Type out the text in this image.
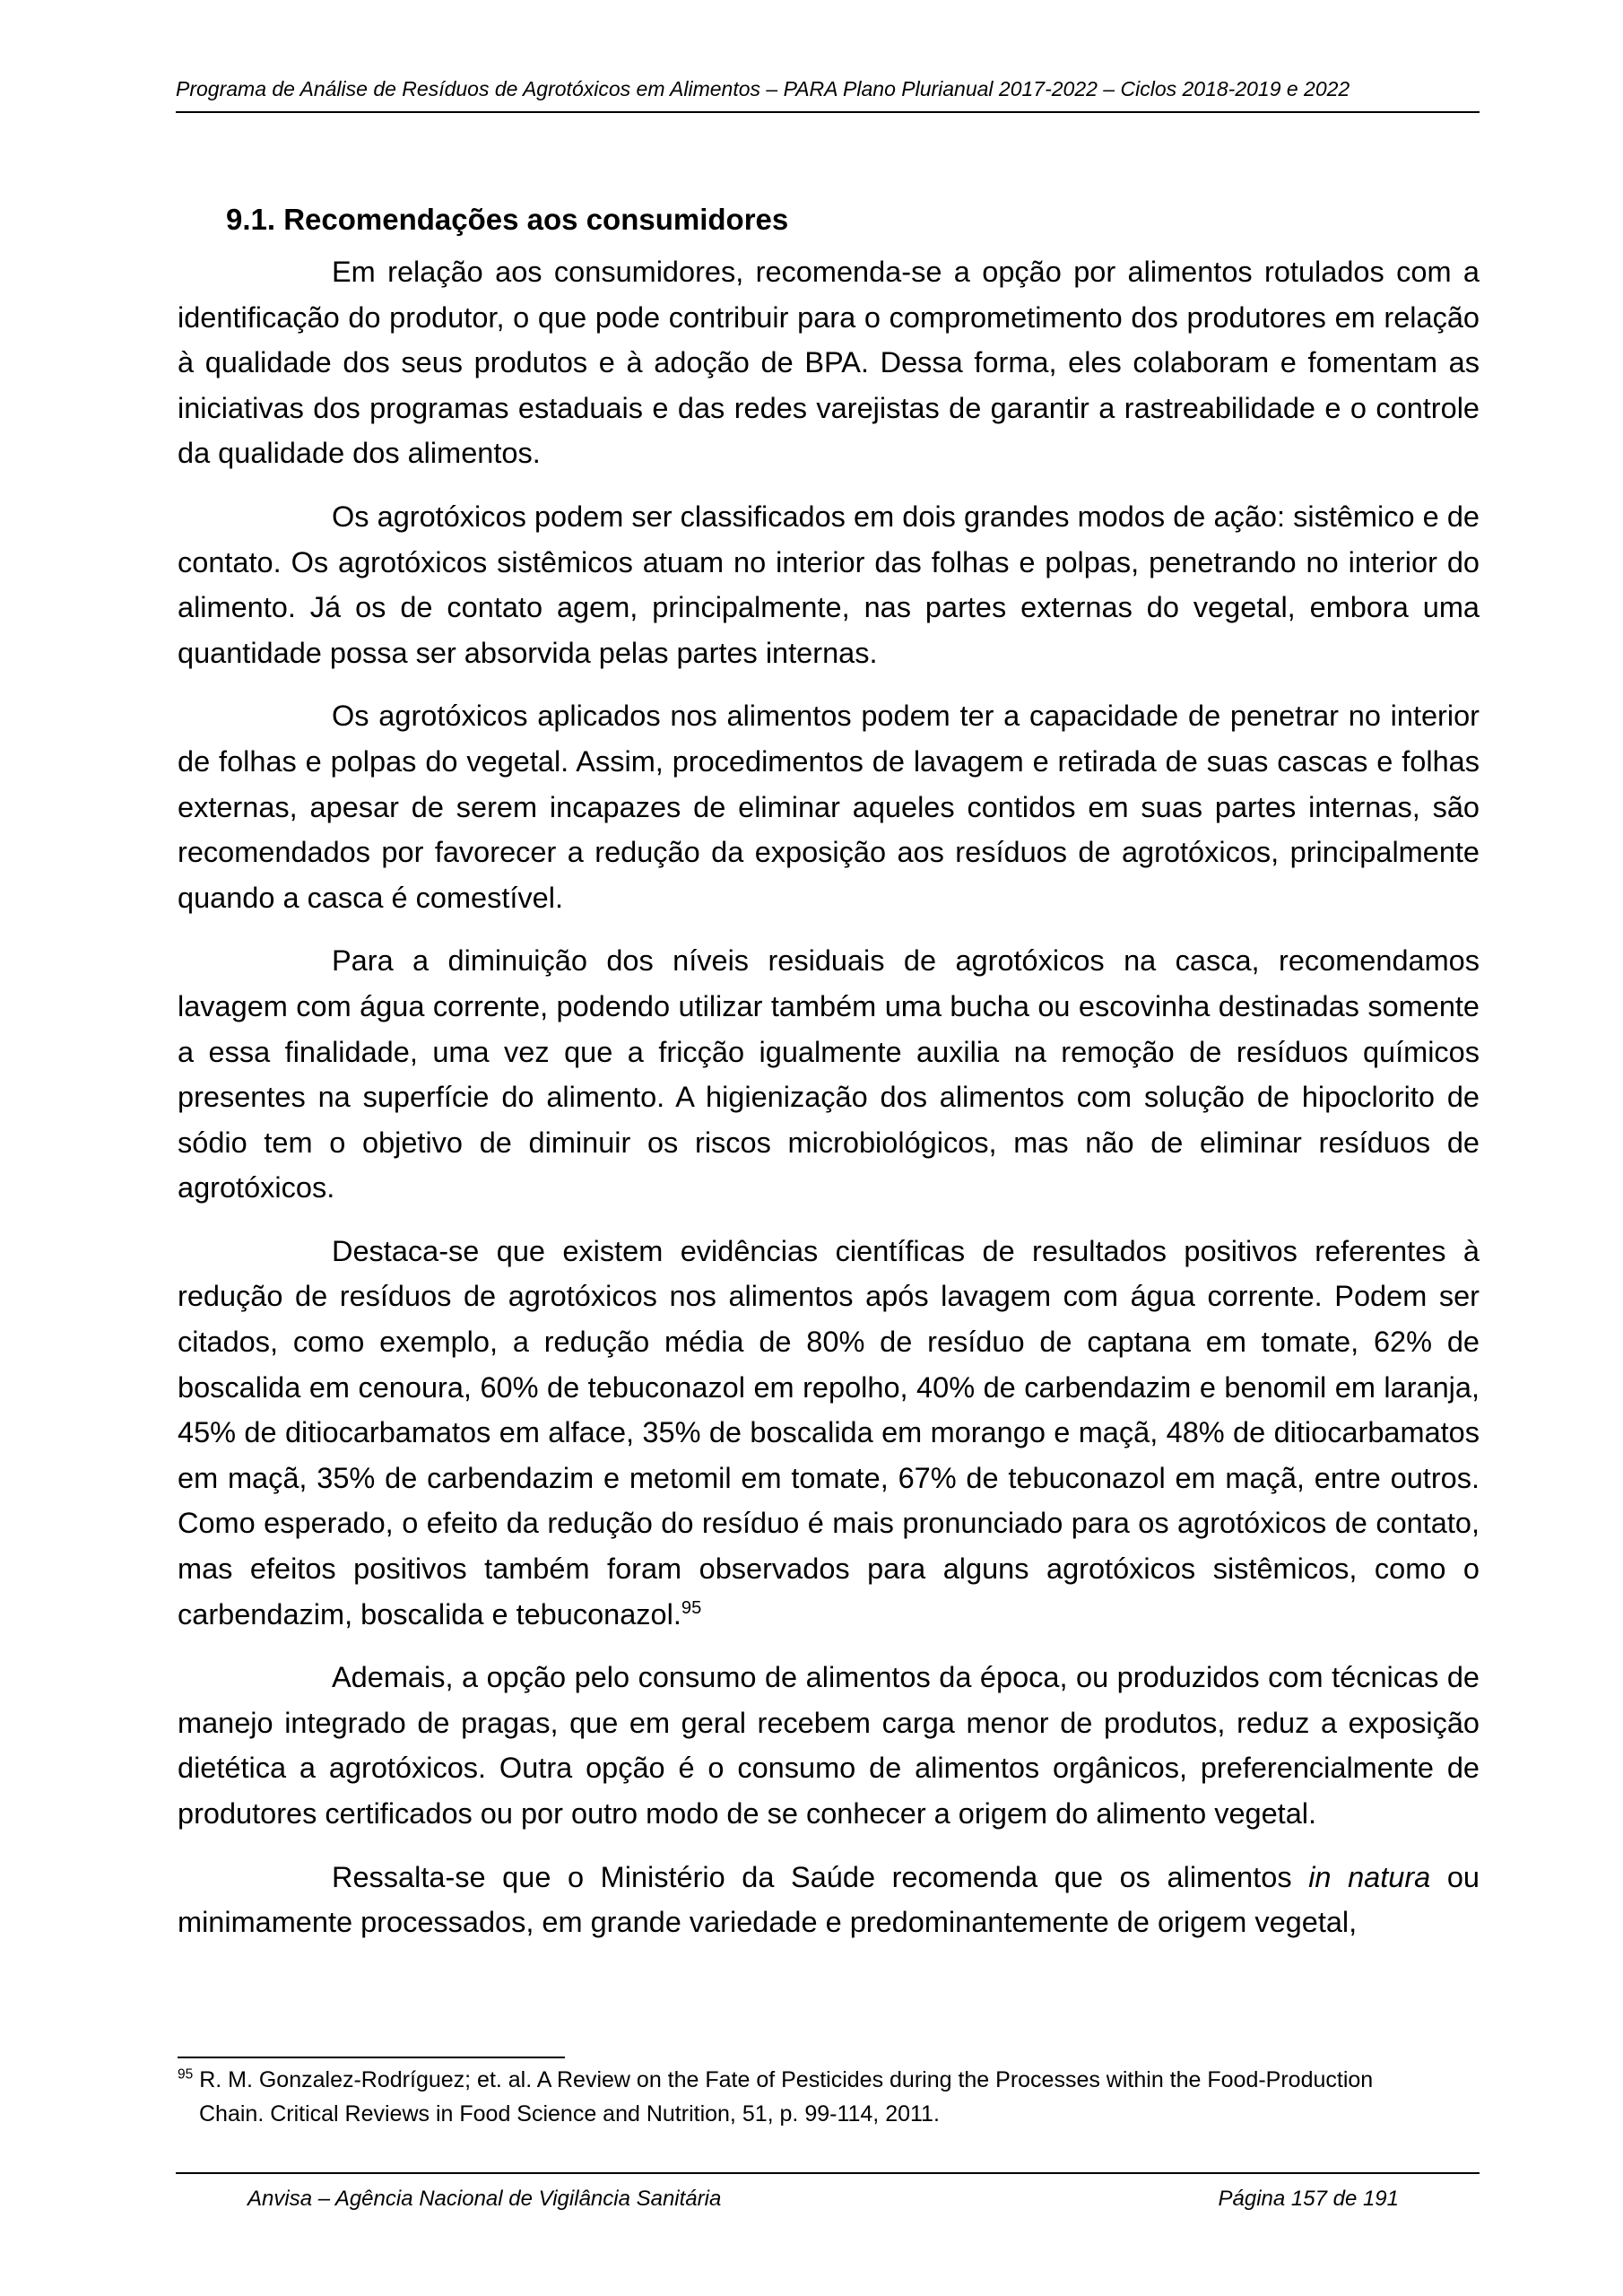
Programa de Análise de Resíduos de Agrotóxicos em Alimentos – PARA Plano Plurianual 2017-2022 – Ciclos 2018-2019 e 2022
9.1. Recomendações aos consumidores

Em relação aos consumidores, recomenda-se a opção por alimentos rotulados com a identificação do produtor, o que pode contribuir para o comprometimento dos produtores em relação à qualidade dos seus produtos e à adoção de BPA. Dessa forma, eles colaboram e fomentam as iniciativas dos programas estaduais e das redes varejistas de garantir a rastreabilidade e o controle da qualidade dos alimentos.

Os agrotóxicos podem ser classificados em dois grandes modos de ação: sistêmico e de contato. Os agrotóxicos sistêmicos atuam no interior das folhas e polpas, penetrando no interior do alimento. Já os de contato agem, principalmente, nas partes externas do vegetal, embora uma quantidade possa ser absorvida pelas partes internas.

Os agrotóxicos aplicados nos alimentos podem ter a capacidade de penetrar no interior de folhas e polpas do vegetal. Assim, procedimentos de lavagem e retirada de suas cascas e folhas externas, apesar de serem incapazes de eliminar aqueles contidos em suas partes internas, são recomendados por favorecer a redução da exposição aos resíduos de agrotóxicos, principalmente quando a casca é comestível.

Para a diminuição dos níveis residuais de agrotóxicos na casca, recomendamos lavagem com água corrente, podendo utilizar também uma bucha ou escovinha destinadas somente a essa finalidade, uma vez que a fricção igualmente auxilia na remoção de resíduos químicos presentes na superfície do alimento. A higienização dos alimentos com solução de hipoclorito de sódio tem o objetivo de diminuir os riscos microbiológicos, mas não de eliminar resíduos de agrotóxicos.

Destaca-se que existem evidências científicas de resultados positivos referentes à redução de resíduos de agrotóxicos nos alimentos após lavagem com água corrente. Podem ser citados, como exemplo, a redução média de 80% de resíduo de captana em tomate, 62% de boscalida em cenoura, 60% de tebuconazol em repolho, 40% de carbendazim e benomil em laranja, 45% de ditiocarbamatos em alface, 35% de boscalida em morango e maçã, 48% de ditiocarbamatos em maçã, 35% de carbendazim e metomil em tomate, 67% de tebuconazol em maçã, entre outros. Como esperado, o efeito da redução do resíduo é mais pronunciado para os agrotóxicos de contato, mas efeitos positivos também foram observados para alguns agrotóxicos sistêmicos, como o carbendazim, boscalida e tebuconazol.$^{95}$

Ademais, a opção pelo consumo de alimentos da época, ou produzidos com técnicas de manejo integrado de pragas, que em geral recebem carga menor de produtos, reduz a exposição dietética a agrotóxicos. Outra opção é o consumo de alimentos orgânicos, preferencialmente de produtores certificados ou por outro modo de se conhecer a origem do alimento vegetal.

Ressalta-se que o Ministério da Saúde recomenda que os alimentos in natura ou minimamente processados, em grande variedade e predominantemente de origem vegetal,

$^{95}$ R. M. Gonzalez-Rodríguez; et. al. A Review on the Fate of Pesticides during the Processes within the Food-Production
Chain. Critical Reviews in Food Science and Nutrition, 51, p. 99-114, 2011.
Anvisa – Agência Nacional de Vigilância Sanitária	Página 157 de 191
